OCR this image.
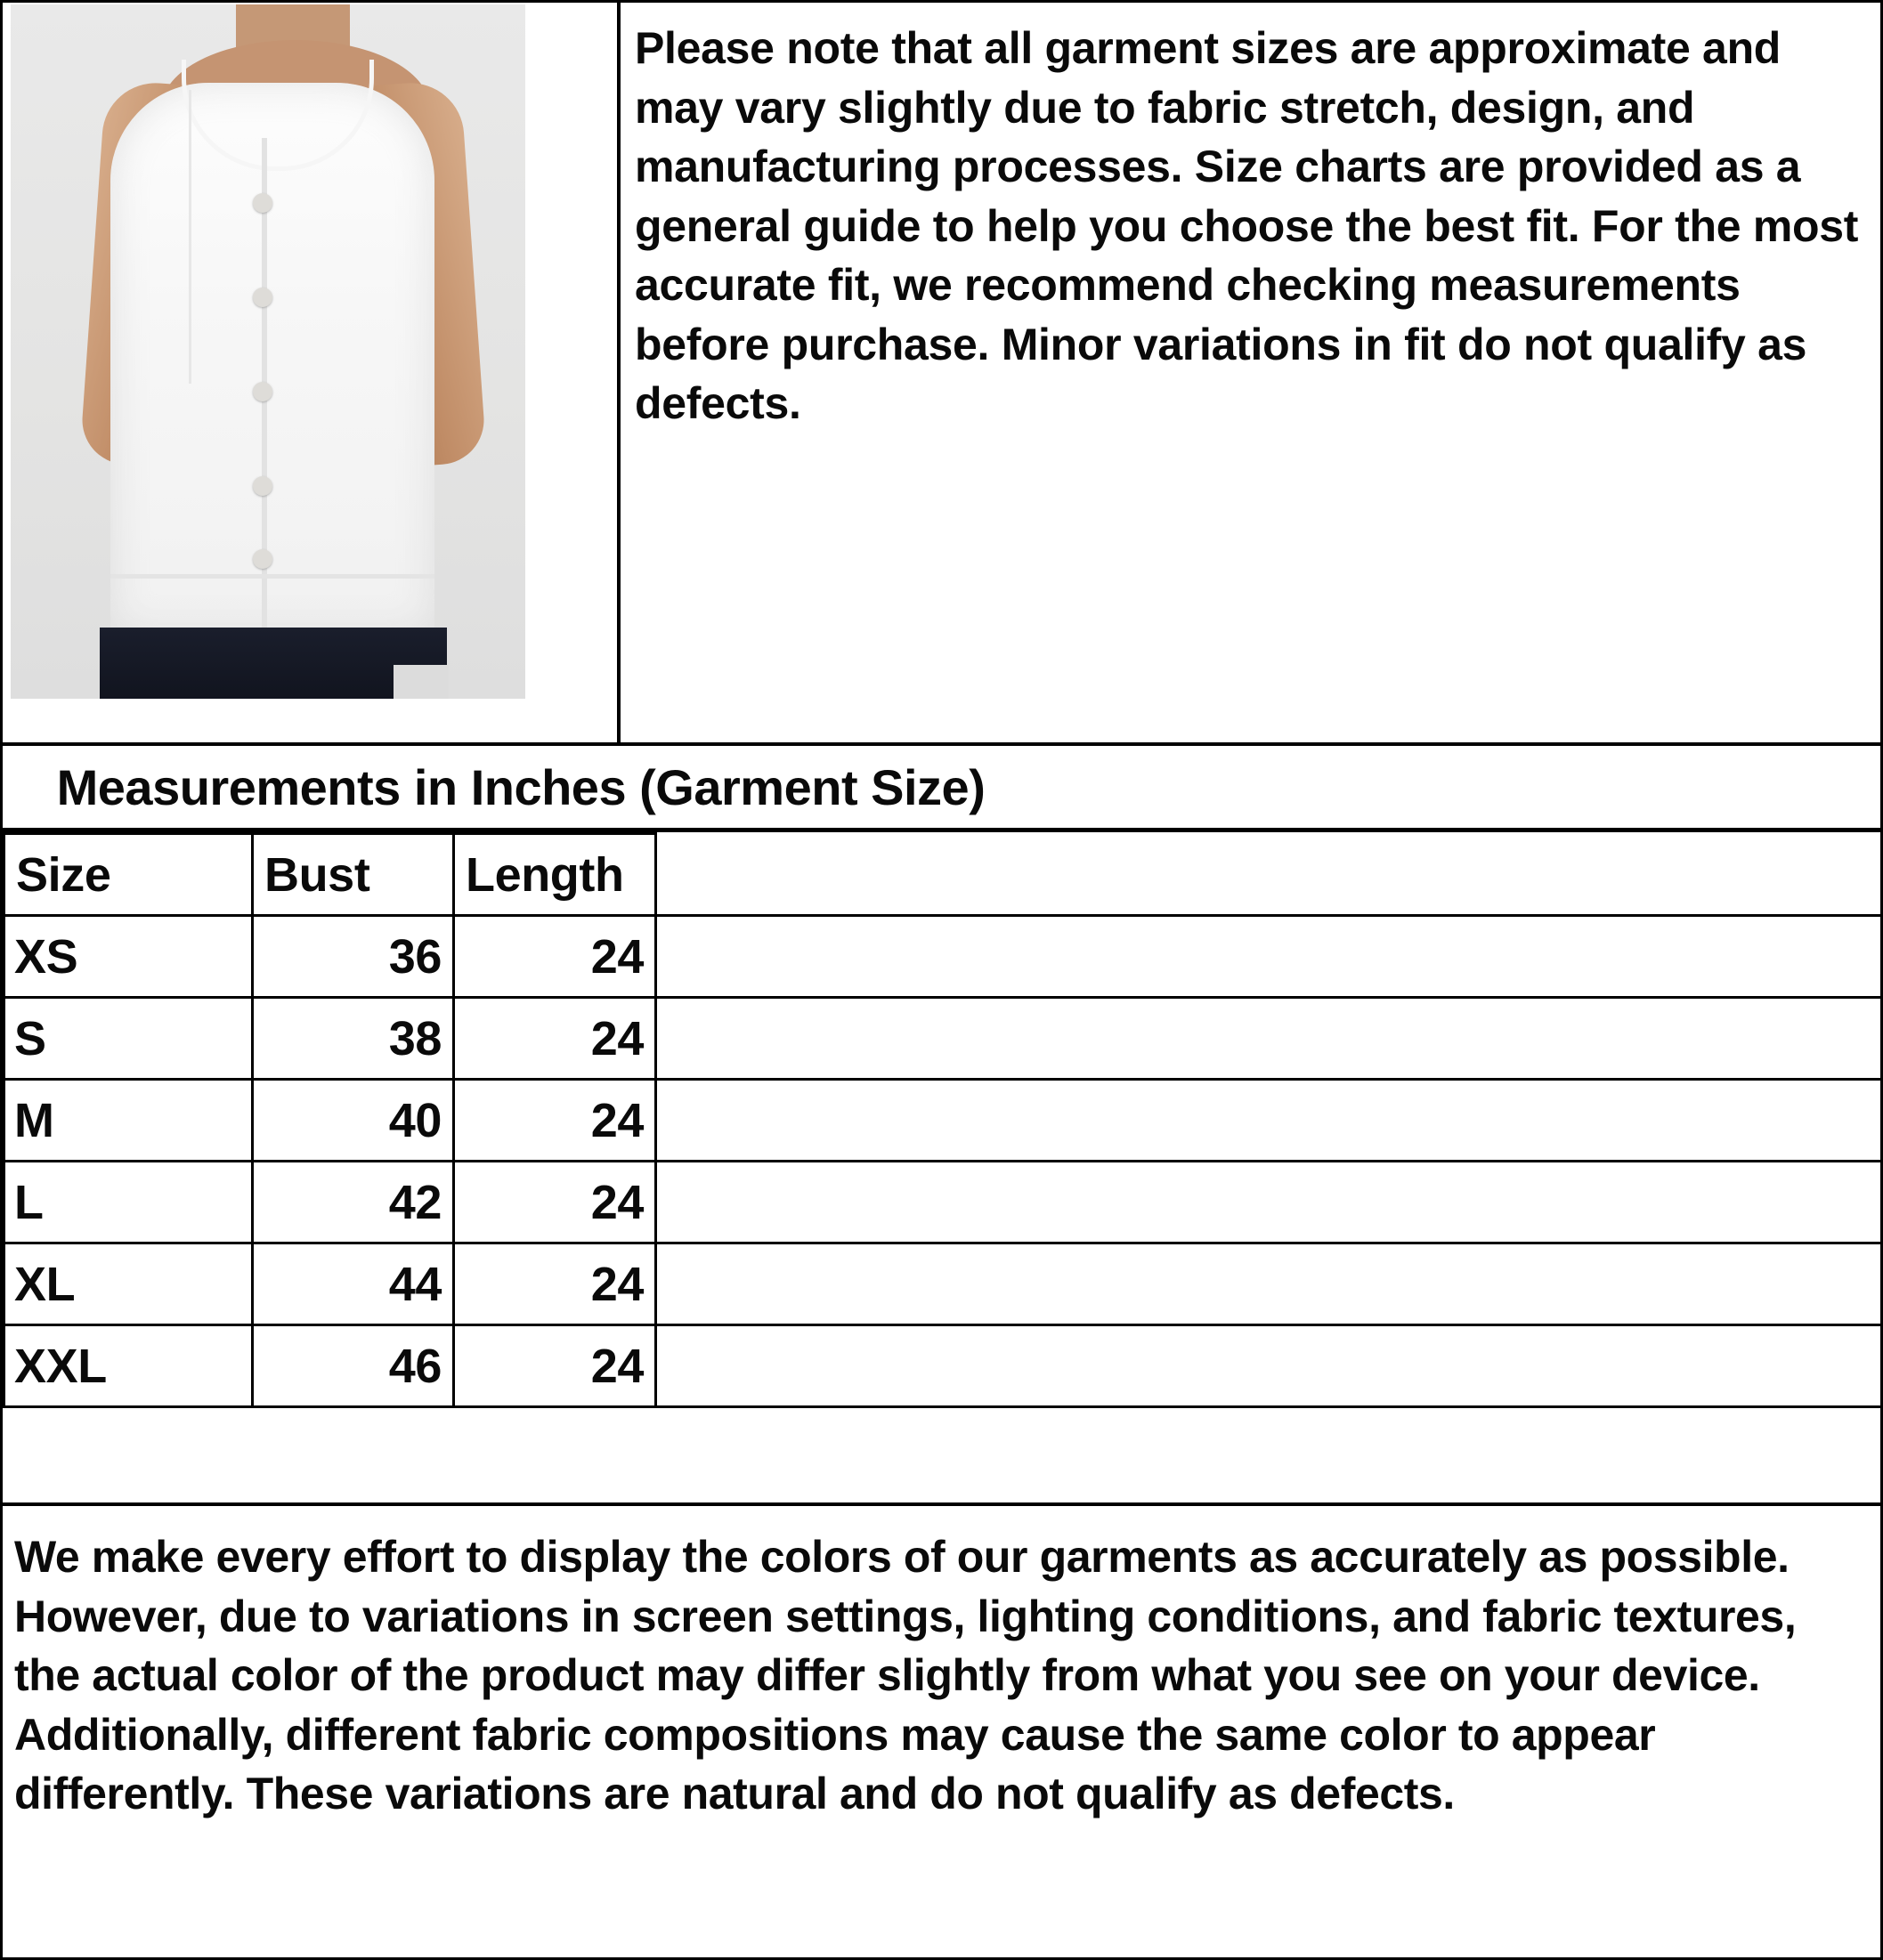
Please note that all garment sizes are approximate and may vary slightly due to fabric stretch, design, and manufacturing processes. Size charts are provided as a general guide to help you choose the best fit. For the most accurate fit, we recommend checking measurements before purchase. Minor variations in fit do not qualify as defects.
Measurements in Inches (Garment Size)
Size	Bust	Length	
XS	36	24	
S	38	24	
M	40	24	
L	42	24	
XL	44	24	
XXL	46	24	
We make every effort to display the colors of our garments as accurately as possible. However, due to variations in screen settings, lighting conditions, and fabric textures, the actual color of the product may differ slightly from what you see on your device. Additionally, different fabric compositions may cause the same color to appear differently. These variations are natural and do not qualify as defects.
